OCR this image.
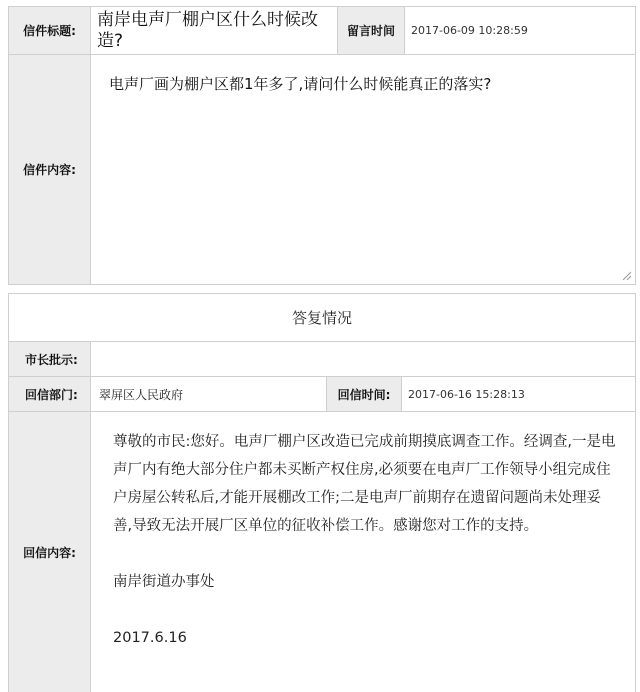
信件标题:
南岸电声厂棚户区什么时候改造?	留言时间	2017-06-09 10:28:59
信件内容:
电声厂画为棚户区都1年多了,请问什么时候能真正的落实?
答复情况
市长批示:
回信部门:	翠屏区人民政府	回信时间:	2017-06-16 15:28:13
回信内容:

尊敬的市民:您好。电声厂棚户区改造已完成前期摸底调查工作。经调查,一是电声厂内有绝大部分住户都未买断产权住房,必须要在电声厂工作领导小组完成住户房屋公转私后,才能开展棚改工作;二是电声厂前期存在遗留问题尚未处理妥善,导致无法开展厂区单位的征收补偿工作。感谢您对工作的支持。

南岸街道办事处

2017.6.16
